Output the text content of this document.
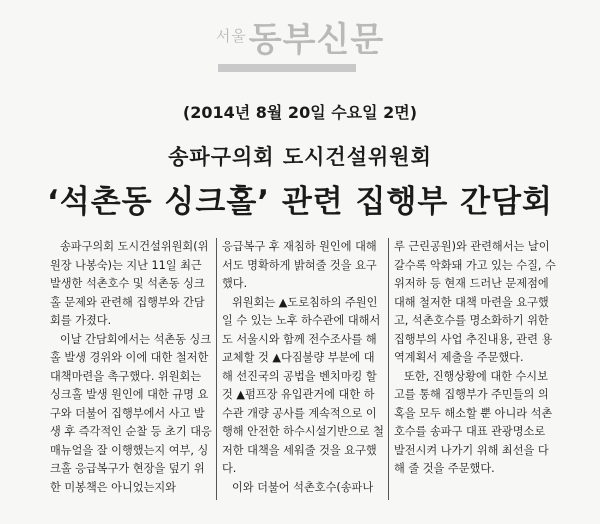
서울동부신문
(2014년 8월 20일 수요일 2면)
송파구의회 도시건설위원회
‘석촌동 싱크홀’ 관련 집행부 간담회

송파구의회 도시건설위원회(위원장 나봉숙)는 지난 11일 최근 발생한 석촌호수 및 석촌동 싱크홀 문제와 관련해 집행부와 간담회를 가졌다.

이날 간담회에서는 석촌동 싱크홀 발생 경위와 이에 대한 철저한 대책마련을 촉구했다. 위원회는 싱크홀 발생 원인에 대한 규명 요구와 더불어 집행부에서 사고 발생 후 즉각적인 순찰 등 초기 대응 매뉴얼을 잘 이행했는지 여부, 싱크홀 응급복구가 현장을 덮기 위한 미봉책은 아니었는지와

응급복구 후 재침하 원인에 대해서도 명확하게 밝혀줄 것을 요구했다.

위원회는 ▲도로침하의 주원인일 수 있는 노후 하수관에 대해서도 서울시와 함께 전수조사를 해 교체할 것 ▲다짐불량 부분에 대해 선진국의 공법을 벤치마킹 할 것 ▲펌프장 유입관거에 대한 하수관 개량 공사를 계속적으로 이행해 안전한 하수시설기반으로 철저한 대책을 세워줄 것을 요구했다.

이와 더불어 석촌호수(송파나

루 근린공원)와 관련해서는 날이 갈수록 악화돼 가고 있는 수질, 수위저하 등 현재 드러난 문제점에 대해 철저한 대책 마련을 요구했고, 석촌호수를 명소화하기 위한 집행부의 사업 추진내용, 관련 용역계획서 제출을 주문했다.

또한, 진행상황에 대한 수시보고를 통해 집행부가 주민들의 의혹을 모두 해소할 뿐 아니라 석촌호수를 송파구 대표 관광명소로 발전시켜 나가기 위해 최선을 다해 줄 것을 주문했다.
